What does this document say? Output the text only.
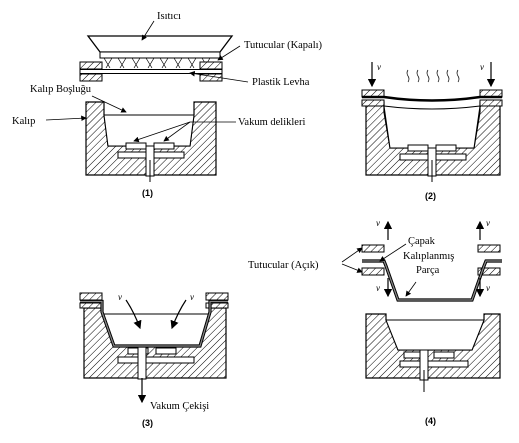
Isıtıcı
Tutucular (Kapalı)
Plastik Levha
Kalıp Boşluğu
Kalıp	Vakum delikleri
(1)
v	v
(2)
v	v
Vakum Çekişi
(3)
v
v
v
v
Tutucular (Açık)
Çapak
Kalıplanmış
Parça
(4)
